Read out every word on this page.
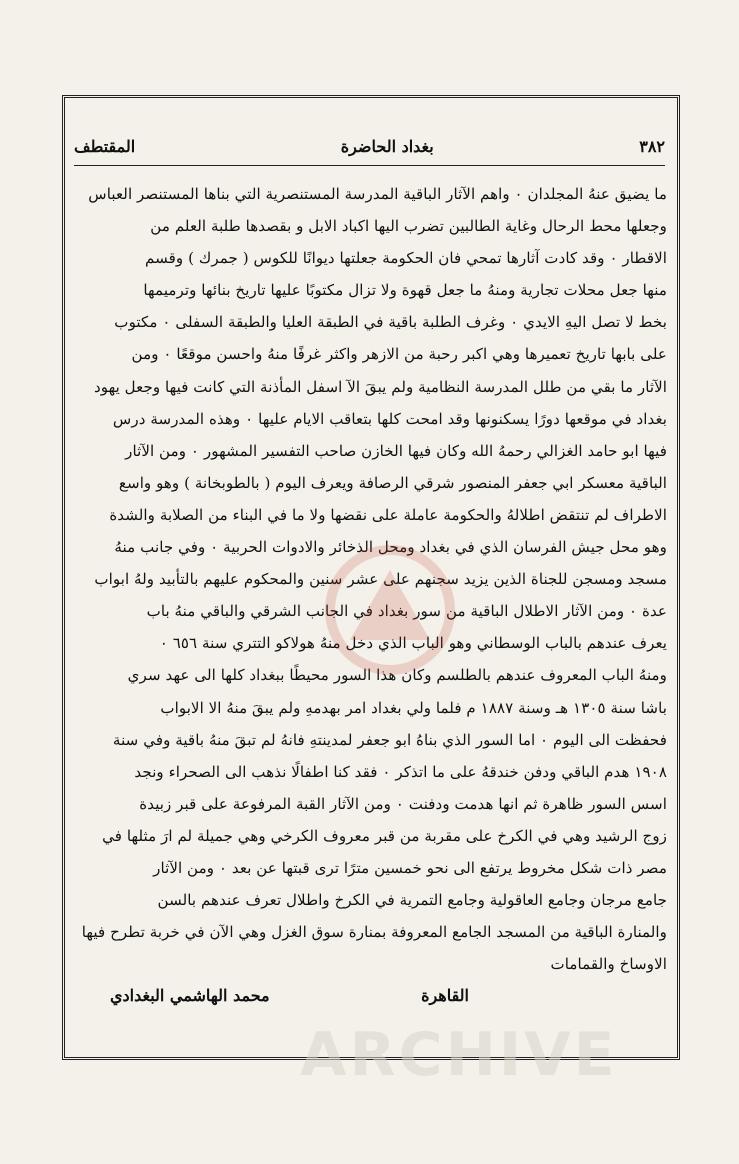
٣٨٢
بغداد الحاضرة
المقتطف
ما يضيق عنهُ المجلدان ٠ واهم الآثار الباقية المدرسة المستنصرية التي بناها المستنصر العباس
وجعلها محط الرحال وغاية الطالبين تضرب اليها اكباد الابل و بقصدها طلبة العلم من
الاقطار ٠ وقد كادت آثارها تمحي فان الحكومة جعلتها ديوانًا للكوس ( جمرك ) وقسم
منها جعل محلات تجارية ومنهُ ما جعل قهوة ولا تزال مكتوبًا عليها تاريخ بنائها وترميمها
بخط لا تصل اليهِ الايدي ٠ وغرف الطلبة باقية في الطبقة العليا والطبقة السفلى ٠ مكتوب
على بابها تاريخ تعميرها وهي اكبر رحبة من الازهر واكثر غرفًا منهُ واحسن موقعًا ٠ ومن
الآثار ما بقي من طلل المدرسة النظامية ولم يبقَ الآ اسفل المأذنة التي كانت فيها وجعل يهود
بغداد في موقعها دورًا يسكنونها وقد امحت كلها بتعاقب الايام عليها ٠ وهذه المدرسة درس
فيها ابو حامد الغزالي رحمهُ الله وكان فيها الخازن صاحب التفسير المشهور ٠ ومن الآثار
الباقية معسكر ابي جعفر المنصور شرقي الرصافة ويعرف اليوم ( بالطوبخانة ) وهو واسع
الاطراف لم تنتقض اطلالهُ والحكومة عاملة على نقضها ولا ما في البناء من الصلابة والشدة
وهو محل جيش الفرسان الذي في بغداد ومحل الذخائر والادوات الحربية ٠ وفي جانب منهُ
مسجد ومسجن للجناة الذين يزيد سجنهم على عشر سنين والمحكوم عليهم بالتأبيد ولهُ ابواب
عدة ٠ ومن الآثار الاطلال الباقية من سور بغداد في الجانب الشرقي والباقي منهُ باب
يعرف عندهم بالباب الوسطاني وهو الباب الذي دخل منهُ هولاكو التتري سنة ٦٥٦ ٠
ومنهُ الباب المعروف عندهم بالطلسم وكان هذا السور محيطًا ببغداد كلها الى عهد سري
باشا سنة ١٣٠٥ هـ وسنة ١٨٨٧ م فلما ولي بغداد امر بهدمهِ ولم يبقَ منهُ الا الابواب
فحفظت الى اليوم ٠ اما السور الذي بناهُ ابو جعفر لمدينتهِ فانهُ لم تبقَ منهُ باقية وفي سنة
١٩٠٨ هدم الباقي ودفن خندقهُ على ما اتذكر ٠ فقد كنا اطفالًا نذهب الى الصحراء ونجد
اسس السور ظاهرة ثم انها هدمت ودفنت ٠ ومن الآثار القبة المرفوعة على قبر زبيدة
زوج الرشيد وهي في الكرخ على مقربة من قبر معروف الكرخي وهي جميلة لم ارَ مثلها في
مصر ذات شكل مخروط يرتفع الى نحو خمسين مترًا ترى قبتها عن بعد ٠ ومن الآثار
جامع مرجان وجامع العاقولية وجامع التمرية في الكرخ واطلال تعرف عندهم بالسن
والمنارة الباقية من المسجد الجامع المعروفة بمنارة سوق الغزل وهي الآن في خربة تطرح فيها
الاوساخ والقمامات
القاهرة
محمد الهاشمي البغدادي
ARCHIVE
